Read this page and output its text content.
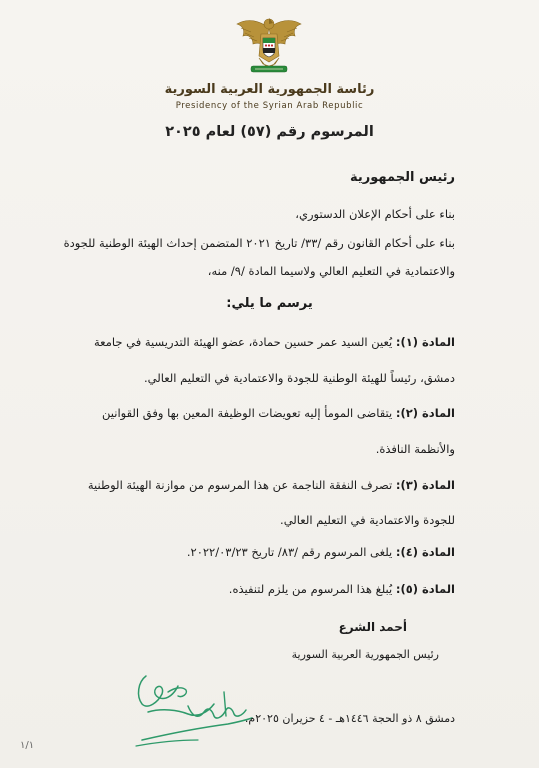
رئاسة الجمهورية العربية السورية
Presidency of the Syrian Arab Republic
المرسوم رقم (٥٧) لعام ٢٠٢٥
رئيس الجمهورية
بناء على أحكام الإعلان الدستوري،
بناء على أحكام القانون رقم /٣٣/ تاريخ ٢٠٢١ المتضمن إحداث الهيئة الوطنية للجودة
والاعتمادية في التعليم العالي ولاسيما المادة /٩/ منه،
يرسم ما يلي:
المادة (١): يُعين السيد عمر حسين حمادة، عضو الهيئة التدريسية في جامعة
دمشق، رئيساً للهيئة الوطنية للجودة والاعتمادية في التعليم العالي.
المادة (٢): يتقاضى المومأ إليه تعويضات الوظيفة المعين بها وفق القوانين
والأنظمة النافذة.
المادة (٣): تصرف النفقة الناجمة عن هذا المرسوم من موازنة الهيئة الوطنية
للجودة والاعتمادية في التعليم العالي.
المادة (٤): يلغى المرسوم رقم /٨٣/ تاريخ ٢٠٢٢/٠٣/٢٣.
المادة (٥): يُبلغ هذا المرسوم من يلزم لتنفيذه.
أحمد الشرع
رئيس الجمهورية العربية السورية
دمشق ٨ ذو الحجة ١٤٤٦هـ - ٤ حزيران ٢٠٢٥م.
١/١
